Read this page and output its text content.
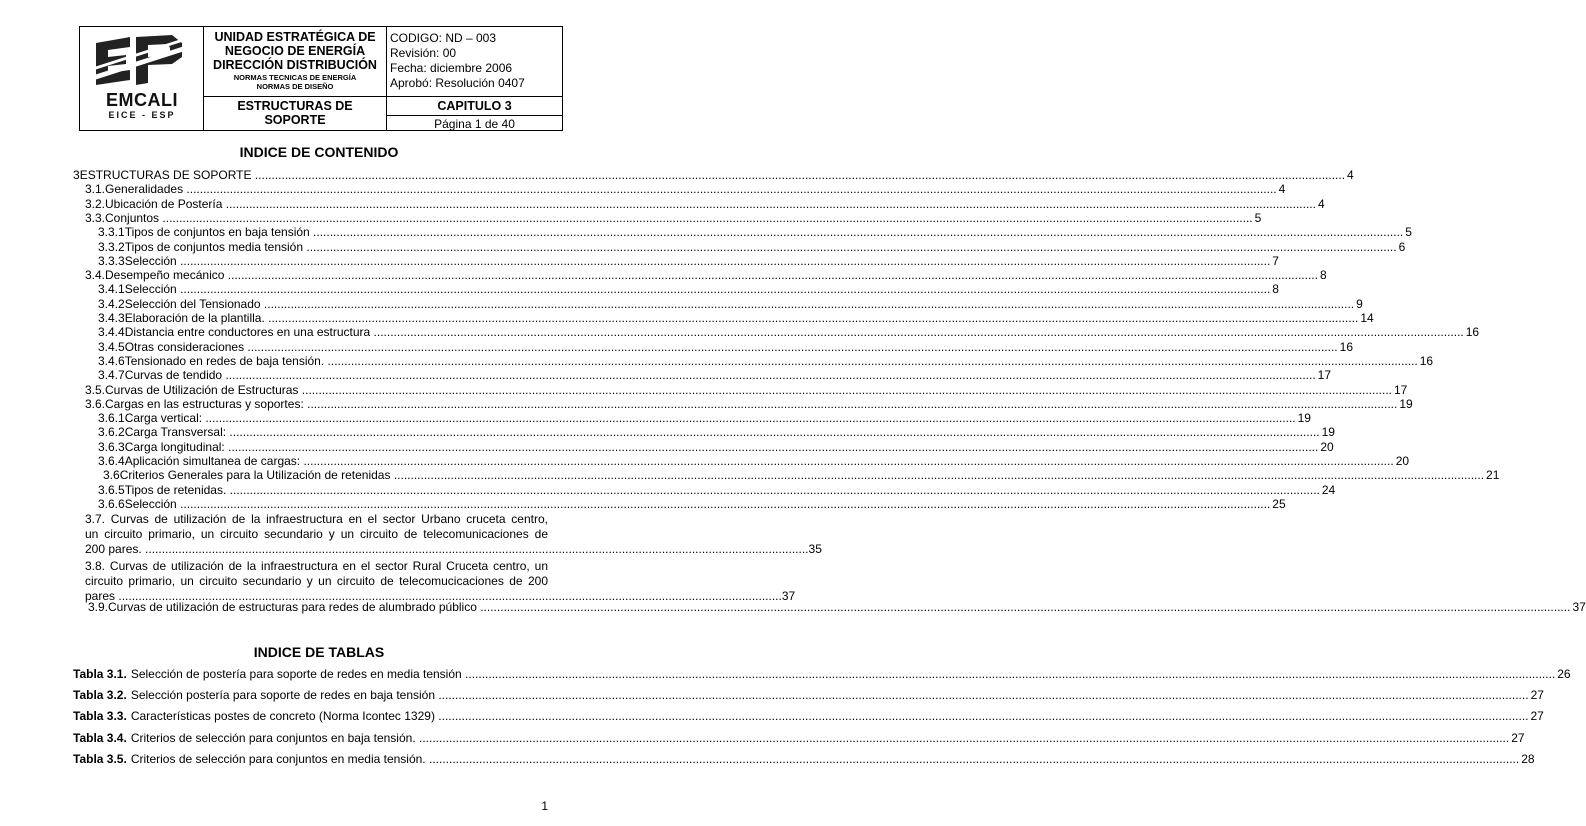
EMCALI
EICE - ESP
UNIDAD ESTRATÉGICA DE
NEGOCIO DE ENERGÍA
DIRECCIÓN DISTRIBUCIÓN
NORMAS TECNICAS DE ENERGÍA
NORMAS DE DISEÑO
ESTRUCTURAS DE
SOPORTE
CODIGO: ND – 003
Revisión: 00
Fecha: diciembre 2006
Aprobó: Resolución 0407
CAPITULO 3
Página 1 de 40
INDICE DE CONTENIDO
3 ESTRUCTURAS DE SOPORTE .....	4
3.1. Generalidades .....	4
3.2. Ubicación de Postería .....	4
3.3. Conjuntos .....	5
3.3.1 Tipos de conjuntos en baja tensión .....	5
3.3.2 Tipos de conjuntos media tensión .....	6
3.3.3 Selección .....	7
3.4. Desempeño mecánico .....	8
3.4.1 Selección .....	8
3.4.2 Selección del Tensionado .....	9
3.4.3 Elaboración de la plantilla. .....	14
3.4.4 Distancia entre conductores en una estructura .....	16
3.4.5 Otras consideraciones .....	16
3.4.6 Tensionado en redes de baja tensión. .....	16
3.4.7 Curvas de tendido .....	17
3.5. Curvas de Utilización de Estructuras .....	17
3.6. Cargas en las estructuras y soportes: .....	19
3.6.1 Carga vertical: .....	19
3.6.2 Carga Transversal: .....	19
3.6.3 Carga longitudinal: .....	20
3.6.4 Aplicación simultanea de cargas: .....	20
3.6 Criterios Generales para la Utilización de retenidas .....	21
3.6.5 Tipos de retenidas. .....	24
3.6.6 Selección .....	25
3.7. Curvas de utilización de la infraestructura en el sector Urbano cruceta centro,
un circuito primario, un circuito secundario y un circuito de telecomunicaciones de
200 pares. ....................................................................................................................................................................................................... 35
3.8. Curvas de utilización de la infraestructura en el sector Rural Cruceta centro, un
circuito primario, un circuito secundario y un circuito de telecomucicaciones de 200
pares ....................................................................................................................................................................................................... 37
3.9. Curvas de utilización de estructuras para redes de alumbrado público .....	37
INDICE DE TABLAS
Tabla 3.1. Selección de postería para soporte de redes en media tensión .....	26
Tabla 3.2. Selección postería para soporte de redes en baja tensión .....	27
Tabla 3.3. Características postes de concreto (Norma Icontec 1329) .....	27
Tabla 3.4. Criterios de selección para conjuntos en baja tensión. .....	27
Tabla 3.5. Criterios de selección para conjuntos en media tensión. .....	28
1
